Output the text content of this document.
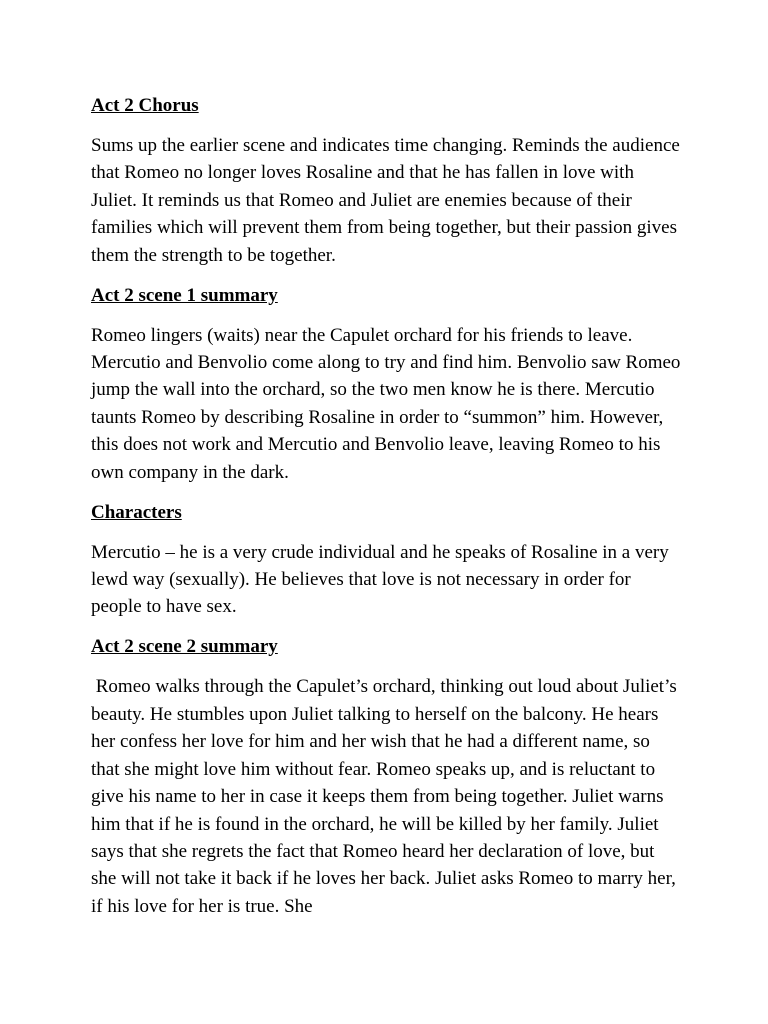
Act 2 Chorus
Sums up the earlier scene and indicates time changing. Reminds the audience that Romeo no longer loves Rosaline and that he has fallen in love with Juliet. It reminds us that Romeo and Juliet are enemies because of their families which will prevent them from being together, but their passion gives them the strength to be together.
Act 2 scene 1 summary
Romeo lingers (waits) near the Capulet orchard for his friends to leave. Mercutio and Benvolio come along to try and find him. Benvolio saw Romeo jump the wall into the orchard, so the two men know he is there. Mercutio taunts Romeo by describing Rosaline in order to “summon” him. However, this does not work and Mercutio and Benvolio leave, leaving Romeo to his own company in the dark.
Characters
Mercutio – he is a very crude individual and he speaks of Rosaline in a very lewd way (sexually). He believes that love is not necessary in order for people to have sex.
Act 2 scene 2 summary
Romeo walks through the Capulet’s orchard, thinking out loud about Juliet’s beauty. He stumbles upon Juliet talking to herself on the balcony. He hears her confess her love for him and her wish that he had a different name, so that she might love him without fear. Romeo speaks up, and is reluctant to give his name to her in case it keeps them from being together. Juliet warns him that if he is found in the orchard, he will be killed by her family. Juliet says that she regrets the fact that Romeo heard her declaration of love, but she will not take it back if he loves her back. Juliet asks Romeo to marry her, if his love for her is true. She
